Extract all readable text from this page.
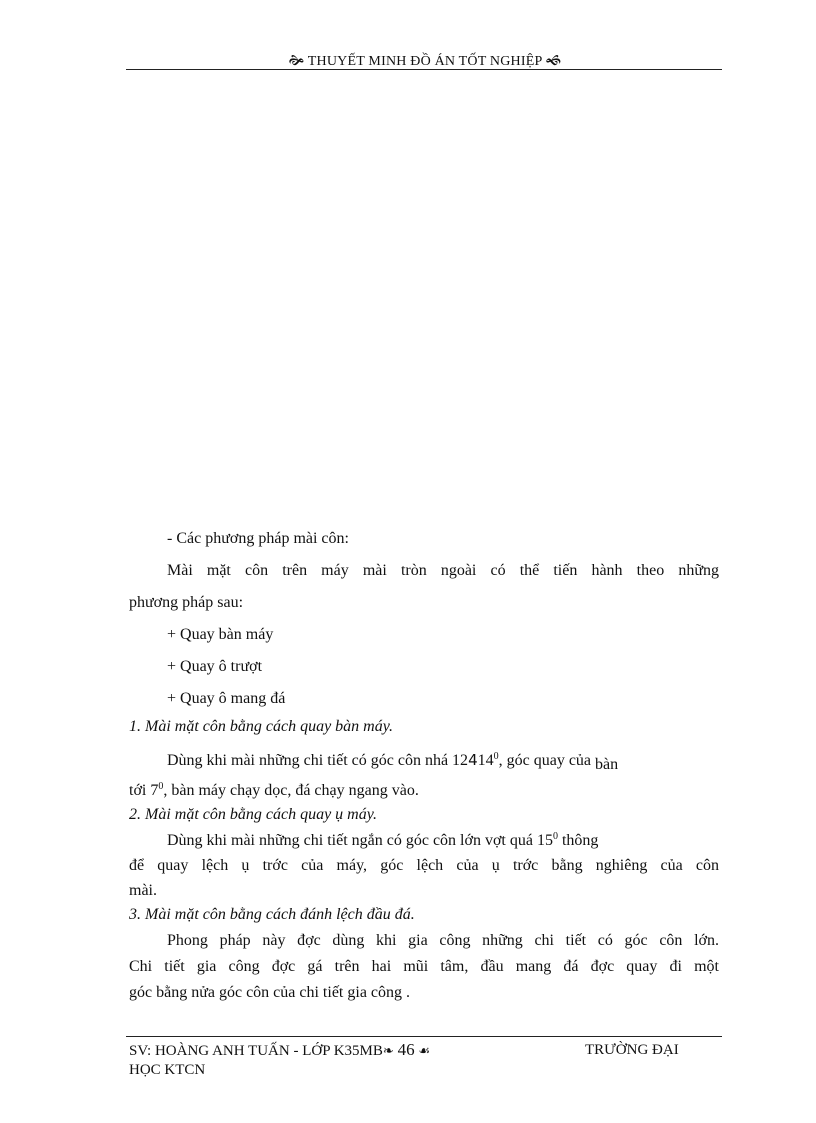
🙞 THUYẾT MINH ĐỒ ÁN TỐT NGHIỆP 🙜

- Các phương pháp mài côn:

Mài mặt côn trên máy mài tròn ngoài có thể tiến hành theo những

phương pháp sau:

+ Quay bàn máy

+ Quay ô trượt

+ Quay ô mang đá

1. Mài mặt côn bằng cách quay bàn máy.

Dùng khi mài những chi tiết có góc côn nhá 12414$^0$, góc quay của bàn

tới $7^0$, bàn máy chạy dọc, đá chạy ngang vào.

2. Mài mặt côn bằng cách quay ụ máy.

Dùng khi mài những chi tiết ngắn có góc côn lớn vợt quá $15^0$ thông

để quay lệch ụ trớc của máy, góc lệch của ụ trớc bằng nghiêng của côn

mài.

3. Mài mặt côn bằng cách đánh lệch đầu đá.

Phong pháp này đợc dùng khi gia công những chi tiết có góc côn lớn.

Chi tiết gia công đợc gá trên hai mũi tâm, đầu mang đá đợc quay đi một

góc bằng nửa góc côn của chi tiết gia công .

SV: HOÀNG ANH TUẤN - LỚP K35MB❧ 46 ☙	TRƯỜNG ĐẠI
HỌC KTCN
